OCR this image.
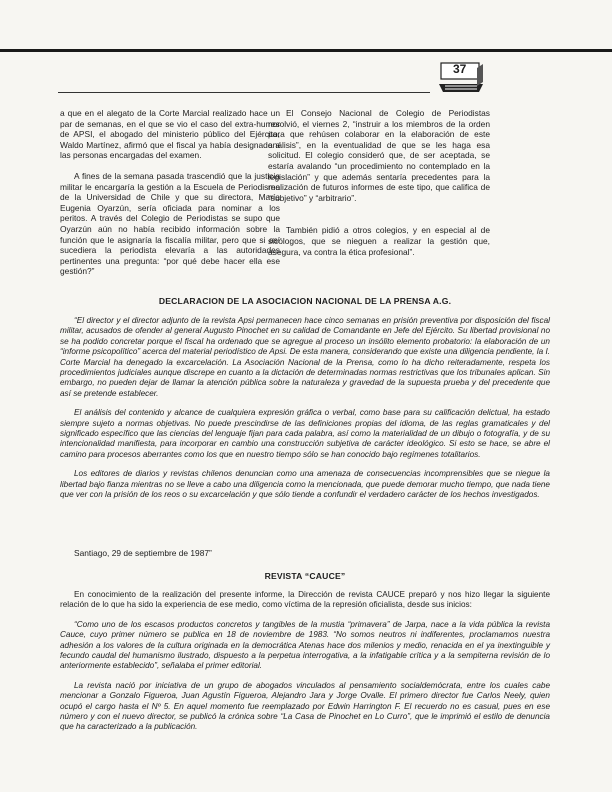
37

a que en el alegato de la Corte Marcial realizado hace un par de semanas, en el que se vio el caso del extra-humor de APSI, el abogado del ministerio público del Ejército, Waldo Martínez, afirmó que el fiscal ya había designado a las personas encargadas del examen.

A fines de la semana pasada trascendió que la justicia militar le encargaría la gestión a la Escuela de Periodismo de la Universidad de Chile y que su directora, María Eugenia Oyarzún, sería oficiada para nominar a los peritos. A través del Colegio de Periodistas se supo que Oyarzún aún no había recibido información sobre la función que le asignaría la fiscalía militar, pero que si así sucediera la periodista elevaría a las autoridades pertinentes una pregunta: “por qué debe hacer ella ese gestión?”

El Consejo Nacional de Colegio de Periodistas resolvió, el viernes 2, “instruir a los miembros de la orden para que rehúsen colaborar en la elaboración de este análisis”, en la eventualidad de que se les haga esa solicitud. El colegio consideró que, de ser aceptada, se estaría avalando “un procedimiento no contemplado en la legislación” y que además sentaría precedentes para la realización de futuros informes de este tipo, que califica de “subjetivo” y “arbitrario”.

También pidió a otros colegios, y en especial al de sicólogos, que se nieguen a realizar la gestión que, asegura, va contra la ética profesional”.

DECLARACION DE LA ASOCIACION NACIONAL DE LA PRENSA A.G.

“El director y el director adjunto de la revista Apsi permanecen hace cinco semanas en prisión preventiva por disposición del fiscal militar, acusados de ofender al general Augusto Pinochet en su calidad de Comandante en Jefe del Ejército. Su libertad provisional no se ha podido concretar porque el fiscal ha ordenado que se agregue al proceso un insólito elemento probatorio: la elaboración de un “informe psicopolítico” acerca del material periodístico de Apsi. De esta manera, considerando que existe una diligencia pendiente, la I. Corte Marcial ha denegado la excarcelación. La Asociación Nacional de la Prensa, como lo ha dicho reiteradamente, respeta los procedimientos judiciales aunque discrepe en cuanto a la dictación de determinadas normas restrictivas que los tribunales aplican. Sin embargo, no pueden dejar de llamar la atención pública sobre la naturaleza y gravedad de la supuesta prueba y del precedente que así se pretende establecer.

El análisis del contenido y alcance de cualquiera expresión gráfica o verbal, como base para su calificación delictual, ha estado siempre sujeto a normas objetivas. No puede prescindirse de las definiciones propias del idioma, de las reglas gramaticales y del significado específico que las ciencias del lenguaje fijan para cada palabra, así como la materialidad de un dibujo o fotografía, y de su intencionalidad manifiesta, para incorporar en cambio una construcción subjetiva de carácter ideológico. Si esto se hace, se abre el camino para procesos aberrantes como los que en nuestro tiempo sólo se han conocido bajo regímenes totalitarios.

Los editores de diarios y revistas chilenos denuncian como una amenaza de consecuencias incomprensibles que se niegue la libertad bajo fianza mientras no se lleve a cabo una diligencia como la mencionada, que puede demorar mucho tiempo, que nada tiene que ver con la prisión de los reos o su excarcelación y que sólo tiende a confundir el verdadero carácter de los hechos investigados.

Santiago, 29 de septiembre de 1987”
REVISTA “CAUCE”

En conocimiento de la realización del presente informe, la Dirección de revista CAUCE preparó y nos hizo llegar la siguiente relación de lo que ha sido la experiencia de ese medio, como víctima de la represión oficialista, desde sus inicios:

“Como uno de los escasos productos concretos y tangibles de la mustia “primavera” de Jarpa, nace a la vida pública la revista Cauce, cuyo primer número se publica en 18 de noviembre de 1983. “No somos neutros ni indiferentes, proclamamos nuestra adhesión a los valores de la cultura originada en la democrática Atenas hace dos milenios y medio, renacida en el ya inextinguible y fecundo caudal del humanismo ilustrado, dispuesto a la perpetua interrogativa, a la infatigable crítica y a la sempiterna revisión de lo anteriormente establecido”, señalaba el primer editorial.

La revista nació por iniciativa de un grupo de abogados vinculados al pensamiento socialdemócrata, entre los cuales cabe mencionar a Gonzalo Figueroa, Juan Agustín Figueroa, Alejandro Jara y Jorge Ovalle. El primero director fue Carlos Neely, quien ocupó el cargo hasta el Nº 5. En aquel momento fue reemplazado por Edwin Harrington F. El recuerdo no es casual, pues en ese número y con el nuevo director, se publicó la crónica sobre “La Casa de Pinochet en Lo Curro”, que le imprimió el estilo de denuncia que ha caracterizado a la publicación.
